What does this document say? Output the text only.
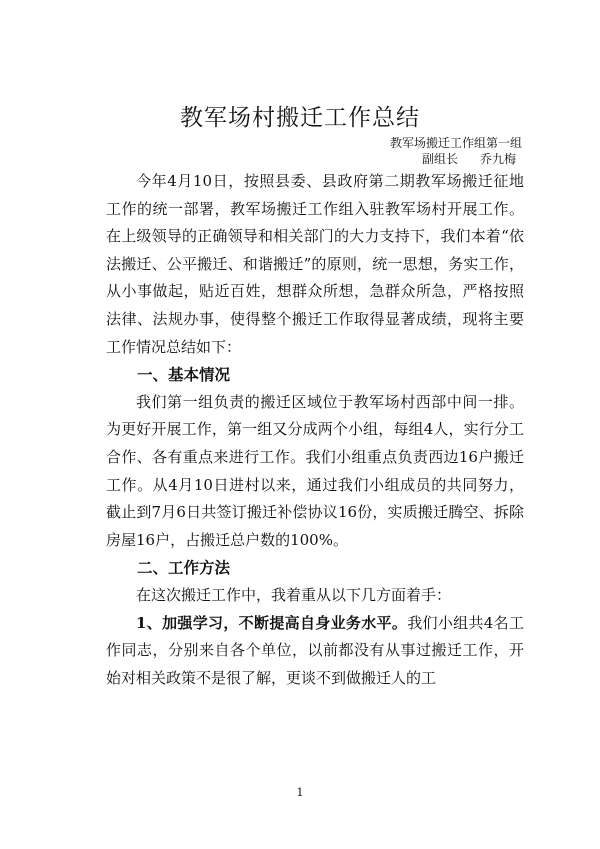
教军场村搬迁工作总结
教军场搬迁工作组第一组
副组长 乔九梅

今年4月10日，按照县委、县政府第二期教军场搬迁征地工作的统一部署，教军场搬迁工作组入驻教军场村开展工作。在上级领导的正确领导和相关部门的大力支持下，我们本着“依法搬迁、公平搬迁、和谐搬迁”的原则，统一思想，务实工作，从小事做起，贴近百姓，想群众所想，急群众所急，严格按照法律、法规办事，使得整个搬迁工作取得显著成绩，现将主要工作情况总结如下：

一、基本情况

我们第一组负责的搬迁区域位于教军场村西部中间一排。为更好开展工作，第一组又分成两个小组，每组4人，实行分工合作、各有重点来进行工作。我们小组重点负责西边16户搬迁工作。从4月10日进村以来，通过我们小组成员的共同努力，截止到7月6日共签订搬迁补偿协议16份，实质搬迁腾空、拆除房屋16户，占搬迁总户数的100%。

二、工作方法

在这次搬迁工作中，我着重从以下几方面着手：

1、加强学习，不断提高自身业务水平。我们小组共4名工作同志，分别来自各个单位，以前都没有从事过搬迁工作，开始对相关政策不是很了解，更谈不到做搬迁人的工

1
